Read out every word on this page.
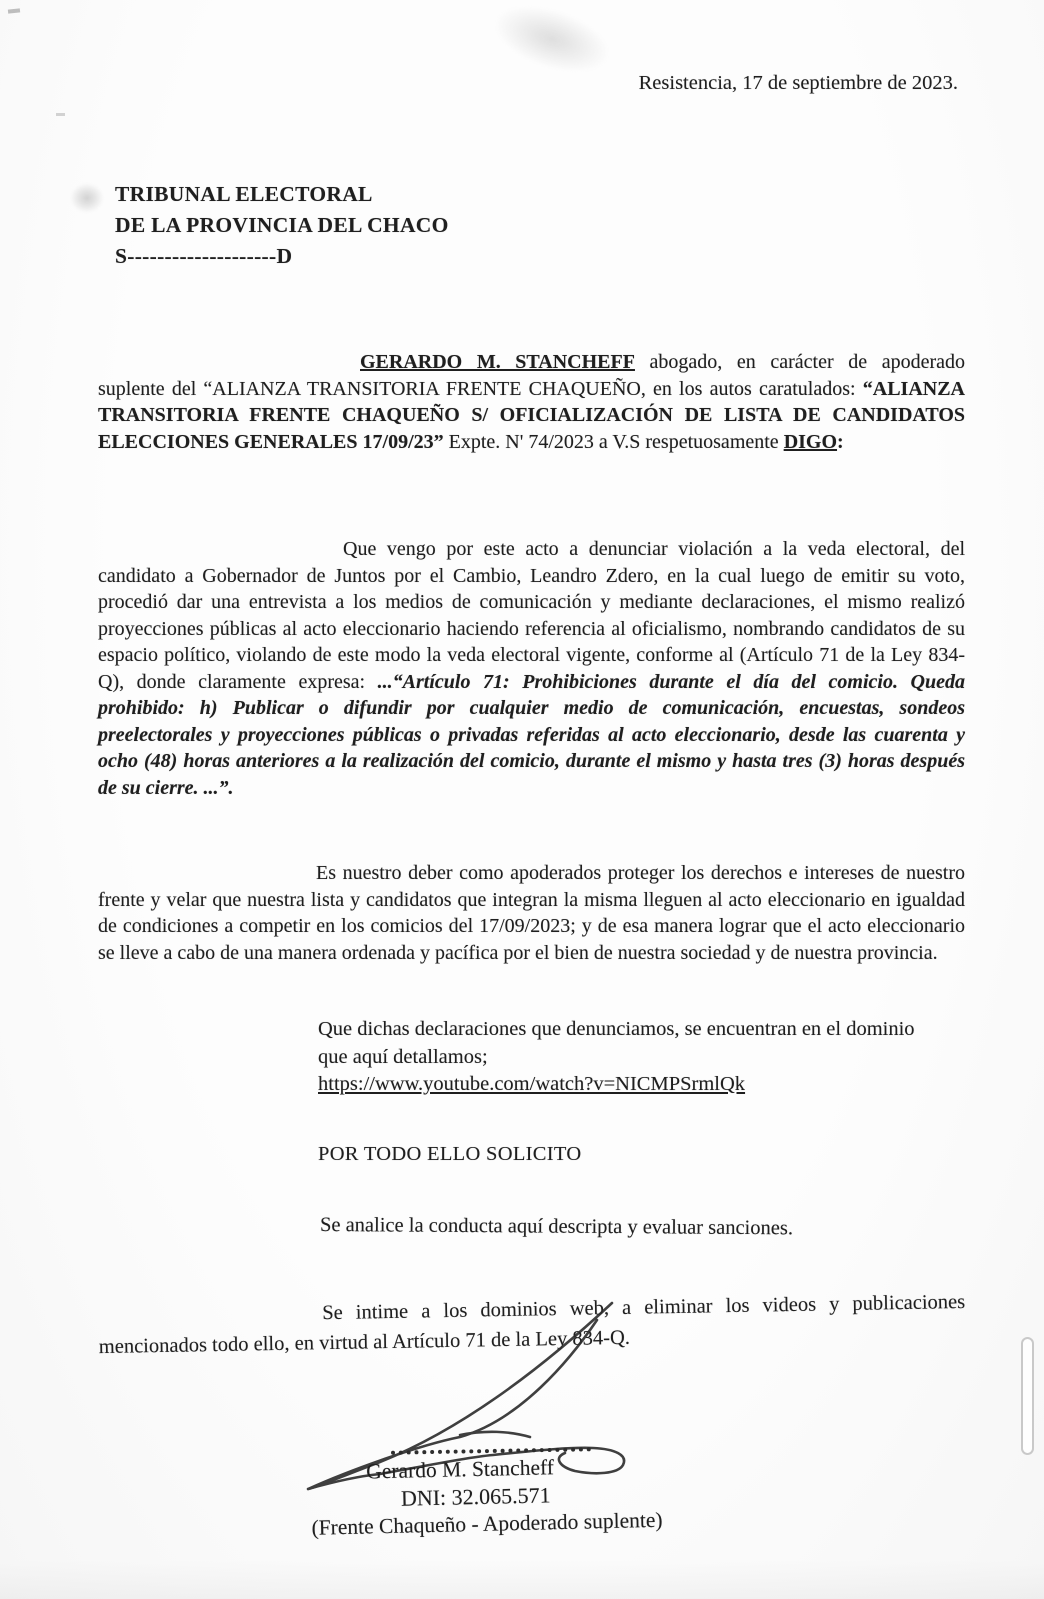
Resistencia, 17 de septiembre de 2023.
TRIBUNAL ELECTORAL
DE LA PROVINCIA DEL CHACO
S--------------------D

GERARDO M. STANCHEFF abogado, en carácter de apoderado suplente del “ALIANZA TRANSITORIA FRENTE CHAQUEÑO, en los autos caratulados: “ALIANZA TRANSITORIA FRENTE CHAQUEÑO S/ OFICIALIZACIÓN DE LISTA DE CANDIDATOS ELECCIONES GENERALES 17/09/23” Expte. N' 74/2023 a V.S respetuosamente DIGO:

Que vengo por este acto a denunciar violación a la veda electoral, del candidato a Gobernador de Juntos por el Cambio, Leandro Zdero, en la cual luego de emitir su voto, procedió dar una entrevista a los medios de comunicación y mediante declaraciones, el mismo realizó proyecciones públicas al acto eleccionario haciendo referencia al oficialismo, nombrando candidatos de su espacio político, violando de este modo la veda electoral vigente, conforme al (Artículo 71 de la Ley 834-Q), donde claramente expresa: ...“Artículo 71: Prohibiciones durante el día del comicio. Queda prohibido: h) Publicar o difundir por cualquier medio de comunicación, encuestas, sondeos preelectorales y proyecciones públicas o privadas referidas al acto eleccionario, desde las cuarenta y ocho (48) horas anteriores a la realización del comicio, durante el mismo y hasta tres (3) horas después de su cierre. ...”.

Es nuestro deber como apoderados proteger los derechos e intereses de nuestro frente y velar que nuestra lista y candidatos que integran la misma lleguen al acto eleccionario en igualdad de condiciones a competir en los comicios del 17/09/2023; y de esa manera lograr que el acto eleccionario se lleve a cabo de una manera ordenada y pacífica por el bien de nuestra sociedad y de nuestra provincia.

Que dichas declaraciones que denunciamos, se encuentran en el dominio que aquí detallamos;
https://www.youtube.com/watch?v=NICMPSrmlQk
POR TODO ELLO SOLICITO
Se analice la conducta aquí descripta y evaluar sanciones.

Se intime a los dominios web, a eliminar los videos y publicaciones mencionados todo ello, en virtud al Artículo 71 de la Ley 834-Q.

Gerardo M. Stancheff
DNI: 32.065.571
(Frente Chaqueño - Apoderado suplente)
